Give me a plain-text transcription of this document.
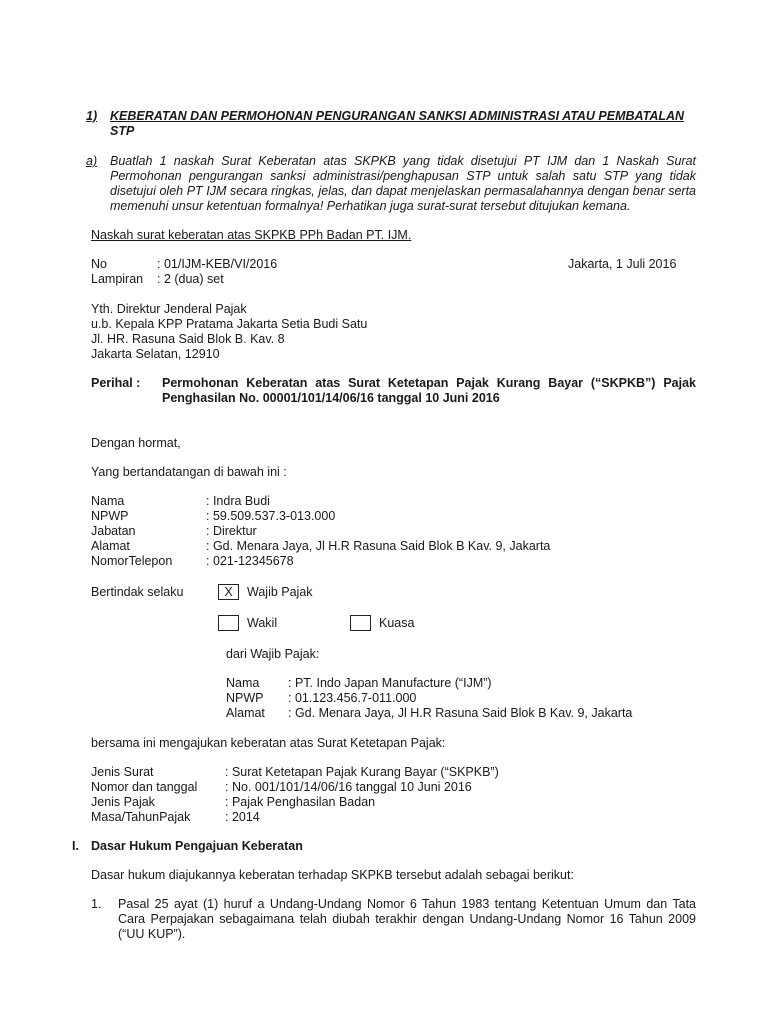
1) KEBERATAN DAN PERMOHONAN PENGURANGAN SANKSI ADMINISTRASI ATAU PEMBATALAN
STP
a) Buatlah 1 naskah Surat Keberatan atas SKPKB yang tidak disetujui PT IJM dan 1 Naskah Surat Permohonan pengurangan sanksi administrasi/penghapusan STP untuk salah satu STP yang tidak disetujui oleh PT IJM secara ringkas, jelas, dan dapat menjelaskan permasalahannya dengan benar serta memenuhi unsur ketentuan formalnya! Perhatikan juga surat-surat tersebut ditujukan kemana.
Naskah surat keberatan atas SKPKB PPh Badan PT. IJM.
No	: 01/IJM-KEB/VI/2016	Jakarta, 1 Juli 2016
Lampiran : 2 (dua) set
Yth. Direktur Jenderal Pajak
u.b. Kepala KPP Pratama Jakarta Setia Budi Satu
Jl. HR. Rasuna Said Blok B. Kav. 8
Jakarta Selatan, 12910
Perihal : Permohonan Keberatan atas Surat Ketetapan Pajak Kurang Bayar (“SKPKB”) Pajak Penghasilan No. 00001/101/14/06/16 tanggal 10 Juni 2016
Dengan hormat,
Yang bertandatangan di bawah ini :
Nama	: Indra Budi
NPWP	: 59.509.537.3-013.000
Jabatan	: Direktur
Alamat	: Gd. Menara Jaya, Jl H.R Rasuna Said Blok B Kav. 9, Jakarta
NomorTelepon	: 021-12345678
Bertindak selaku	X	Wajib Pajak
Wakil	Kuasa
dari Wajib Pajak:
Nama : PT. Indo Japan Manufacture (“IJM”)
NPWP : 01.123.456.7-011.000
Alamat : Gd. Menara Jaya, Jl H.R Rasuna Said Blok B Kav. 9, Jakarta
bersama ini mengajukan keberatan atas Surat Ketetapan Pajak:
Jenis Surat	: Surat Ketetapan Pajak Kurang Bayar (“SKPKB”)
Nomor dan tanggal : No. 001/101/14/06/16 tanggal 10 Juni 2016
Jenis Pajak	: Pajak Penghasilan Badan
Masa/TahunPajak	: 2014
I. Dasar Hukum Pengajuan Keberatan
Dasar hukum diajukannya keberatan terhadap SKPKB tersebut adalah sebagai berikut:
1. Pasal 25 ayat (1) huruf a Undang-Undang Nomor 6 Tahun 1983 tentang Ketentuan Umum dan Tata Cara Perpajakan sebagaimana telah diubah terakhir dengan Undang-Undang Nomor 16 Tahun 2009 (“UU KUP”).
